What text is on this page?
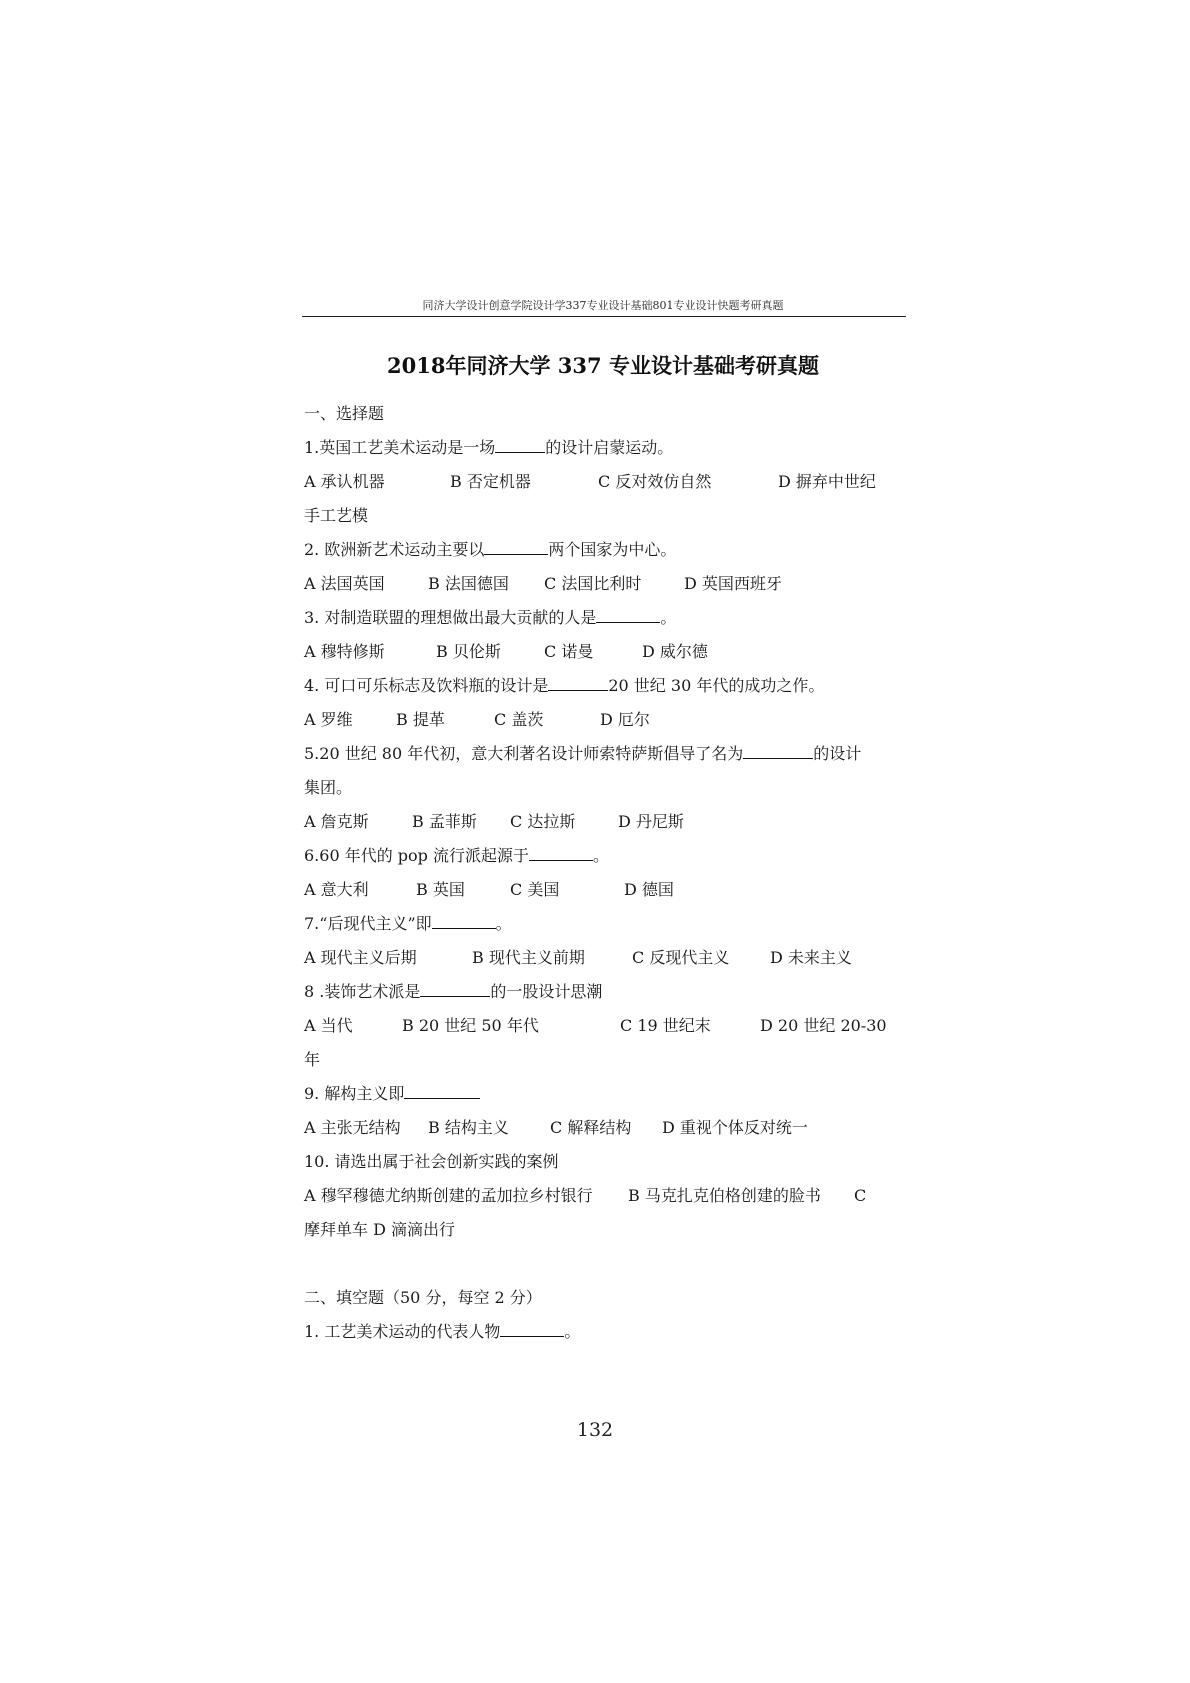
同济大学设计创意学院设计学337专业设计基础801专业设计快题考研真题
2018年同济大学 337 专业设计基础考研真题
一、选择题
1.英国工艺美术运动是一场	的设计启蒙运动。
A 承认机器	B 否定机器	C 反对效仿自然	D 摒弃中世纪
手工艺模
2. 欧洲新艺术运动主要以	两个国家为中心。
A 法国英国	B 法国德国 C 法国比利时	D 英国西班牙
3. 对制造联盟的理想做出最大贡献的人是	。
A 穆特修斯	B 贝伦斯	C 诺曼	D 威尔德
4. 可口可乐标志及饮料瓶的设计是	20 世纪 30 年代的成功之作。
A 罗维	B 提革	C 盖茨	D 厄尔
5.20 世纪 80 年代初，意大利著名设计师索特萨斯倡导了名为	的设计
集团。
A 詹克斯	B 孟菲斯 C 达拉斯	D 丹尼斯
6.60 年代的 pop 流行派起源于	。
A 意大利	B 英国	C 美国	D 德国
7.“后现代主义”即	。
A 现代主义后期	B 现代主义前期	C 反现代主义	D 未来主义
8 .装饰艺术派是	的一股设计思潮
A 当代	B 20 世纪 50 年代	C 19 世纪末	D 20 世纪 20-30
年
9. 解构主义即
A 主张无结构 B 结构主义	C 解释结构 D 重视个体反对统一
10. 请选出属于社会创新实践的案例
A 穆罕穆德尤纳斯创建的孟加拉乡村银行 B 马克扎克伯格创建的脸书 C
摩拜单车 D 滴滴出行
二、填空题（50 分，每空 2 分）
1. 工艺美术运动的代表人物	。
132
